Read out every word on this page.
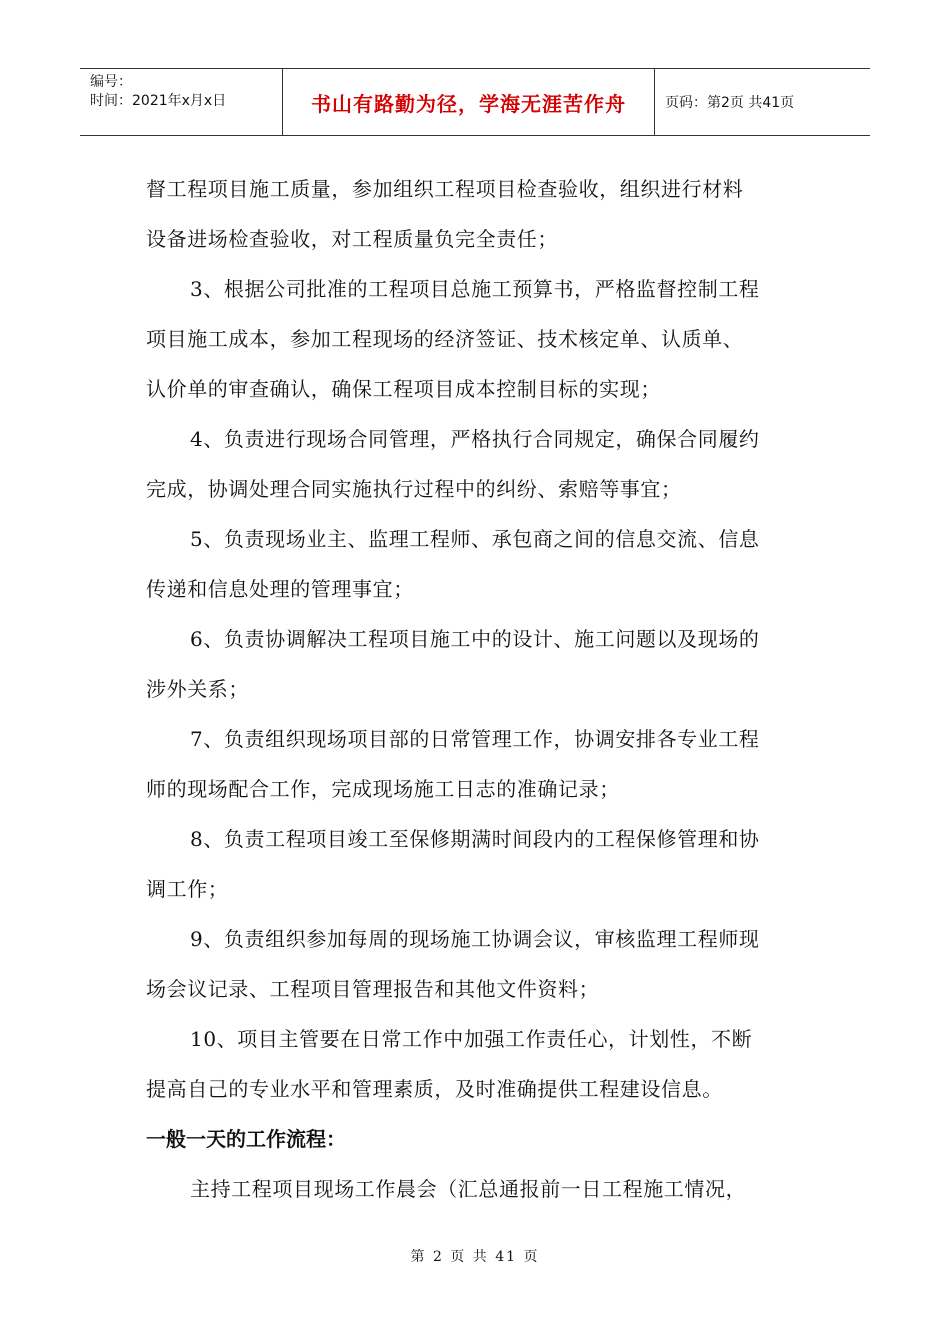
编号：
时间：2021年x月x日	书山有路勤为径，学海无涯苦作舟	页码：第2页 共41页

督工程项目施工质量，参加组织工程项目检查验收，组织进行材料
设备进场检查验收，对工程质量负完全责任；

3、根据公司批准的工程项目总施工预算书，严格监督控制工程
项目施工成本，参加工程现场的经济签证、技术核定单、认质单、
认价单的审查确认，确保工程项目成本控制目标的实现；

4、负责进行现场合同管理，严格执行合同规定，确保合同履约
完成，协调处理合同实施执行过程中的纠纷、索赔等事宜；

5、负责现场业主、监理工程师、承包商之间的信息交流、信息
传递和信息处理的管理事宜；

6、负责协调解决工程项目施工中的设计、施工问题以及现场的
涉外关系；

7、负责组织现场项目部的日常管理工作，协调安排各专业工程
师的现场配合工作，完成现场施工日志的准确记录；

8、负责工程项目竣工至保修期满时间段内的工程保修管理和协
调工作；

9、负责组织参加每周的现场施工协调会议，审核监理工程师现
场会议记录、工程项目管理报告和其他文件资料；

10、项目主管要在日常工作中加强工作责任心，计划性，不断
提高自己的专业水平和管理素质，及时准确提供工程建设信息。

一般一天的工作流程：

主持工程项目现场工作晨会（汇总通报前一日工程施工情况，

第 2 页 共 41 页
